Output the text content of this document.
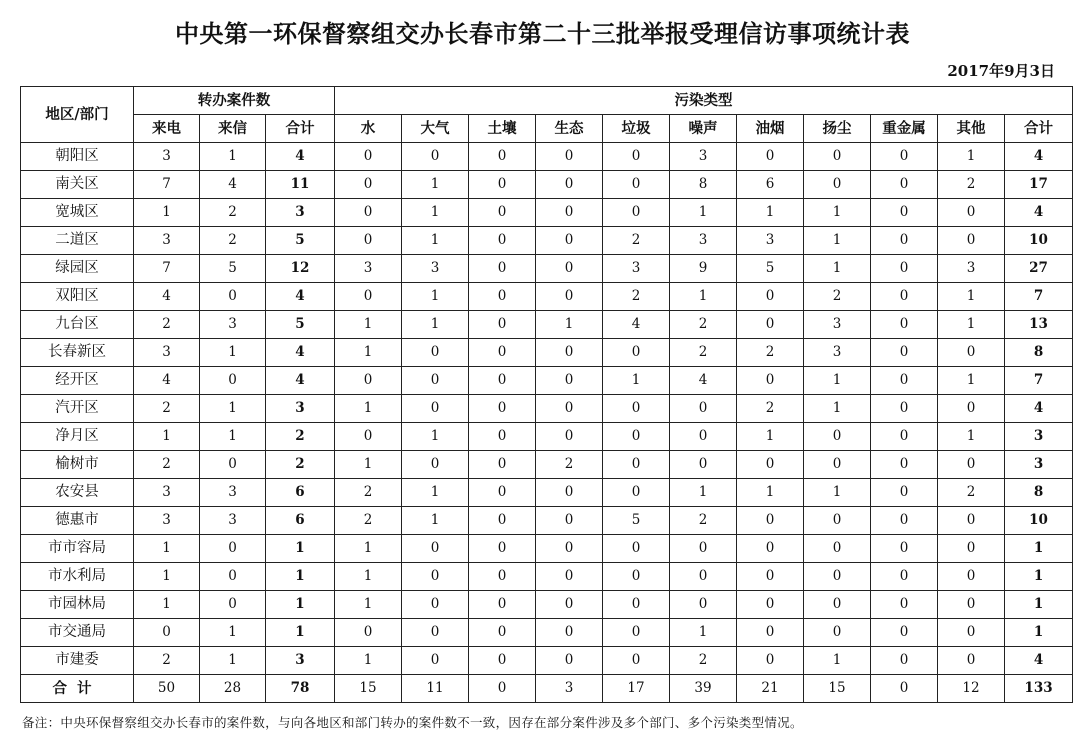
中央第一环保督察组交办长春市第二十三批举报受理信访事项统计表
2017年9月3日
地区/部门	转办案件数			污染类型										
	来电	来信	合计	水	大气	土壤	生态	垃圾	噪声	油烟	扬尘	重金属	其他	合计
朝阳区	3	1	4	0	0	0	0	0	3	0	0	0	1	4
南关区	7	4	11	0	1	0	0	0	8	6	0	0	2	17
宽城区	1	2	3	0	1	0	0	0	1	1	1	0	0	4
二道区	3	2	5	0	1	0	0	2	3	3	1	0	0	10
绿园区	7	5	12	3	3	0	0	3	9	5	1	0	3	27
双阳区	4	0	4	0	1	0	0	2	1	0	2	0	1	7
九台区	2	3	5	1	1	0	1	4	2	0	3	0	1	13
长春新区	3	1	4	1	0	0	0	0	2	2	3	0	0	8
经开区	4	0	4	0	0	0	0	1	4	0	1	0	1	7
汽开区	2	1	3	1	0	0	0	0	0	2	1	0	0	4
净月区	1	1	2	0	1	0	0	0	0	1	0	0	1	3
榆树市	2	0	2	1	0	0	2	0	0	0	0	0	0	3
农安县	3	3	6	2	1	0	0	0	1	1	1	0	2	8
德惠市	3	3	6	2	1	0	0	5	2	0	0	0	0	10
市市容局	1	0	1	1	0	0	0	0	0	0	0	0	0	1
市水利局	1	0	1	1	0	0	0	0	0	0	0	0	0	1
市园林局	1	0	1	1	0	0	0	0	0	0	0	0	0	1
市交通局	0	1	1	0	0	0	0	0	1	0	0	0	0	1
市建委	2	1	3	1	0	0	0	0	2	0	1	0	0	4
合计	50	28	78	15	11	0	3	17	39	21	15	0	12	133
备注：中央环保督察组交办长春市的案件数，与向各地区和部门转办的案件数不一致，因存在部分案件涉及多个部门、多个污染类型情况。
